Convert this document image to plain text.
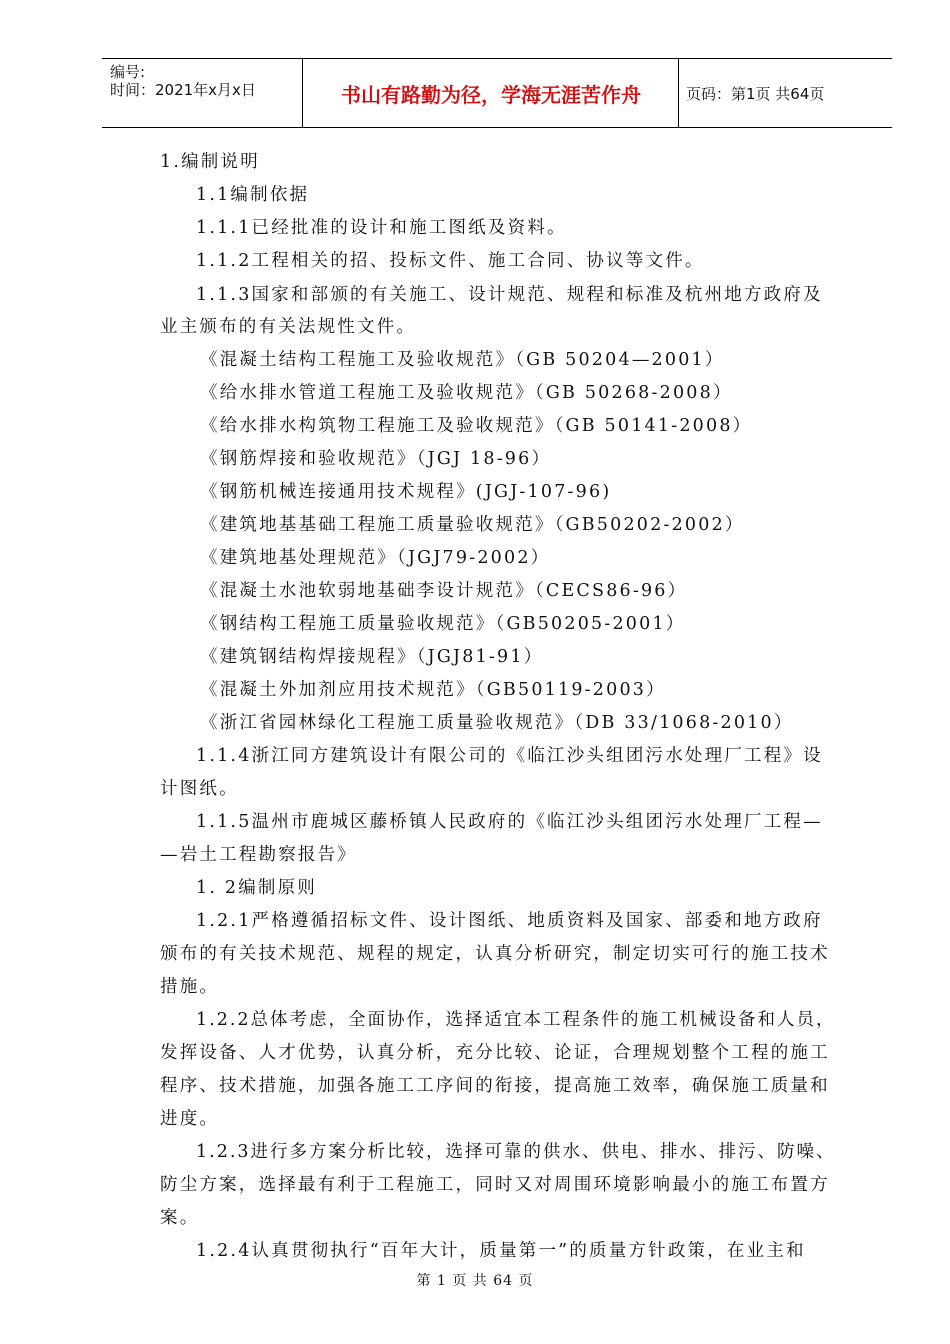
编号:
时间：2021年x月x日	书山有路勤为径，学海无涯苦作舟	页码：第1页 共64页
1.编制说明
1.1编制依据
1.1.1已经批准的设计和施工图纸及资料。
1.1.2工程相关的招、投标文件、施工合同、协议等文件。
1.1.3国家和部颁的有关施工、设计规范、规程和标准及杭州地方政府及
业主颁布的有关法规性文件。
《混凝土结构工程施工及验收规范》（GB 50204—2001）
《给水排水管道工程施工及验收规范》（GB 50268-2008）
《给水排水构筑物工程施工及验收规范》（GB 50141-2008）
《钢筋焊接和验收规范》（JGJ 18-96）
《钢筋机械连接通用技术规程》(JGJ-107-96)
《建筑地基基础工程施工质量验收规范》（GB50202-2002）
《建筑地基处理规范》（JGJ79-2002）
《混凝土水池软弱地基础李设计规范》（CECS86-96）
《钢结构工程施工质量验收规范》（GB50205-2001）
《建筑钢结构焊接规程》（JGJ81-91）
《混凝土外加剂应用技术规范》（GB50119-2003）
《浙江省园林绿化工程施工质量验收规范》（DB 33/1068-2010）
1.1.4浙江同方建筑设计有限公司的《临江沙头组团污水处理厂工程》设
计图纸。
1.1.5温州市鹿城区藤桥镇人民政府的《临江沙头组团污水处理厂工程—
—岩土工程勘察报告》
1. 2编制原则
1.2.1严格遵循招标文件、设计图纸、地质资料及国家、部委和地方政府
颁布的有关技术规范、规程的规定，认真分析研究，制定切实可行的施工技术
措施。
1.2.2总体考虑，全面协作，选择适宜本工程条件的施工机械设备和人员，
发挥设备、人才优势，认真分析，充分比较、论证，合理规划整个工程的施工
程序、技术措施，加强各施工工序间的衔接，提高施工效率，确保施工质量和
进度。
1.2.3进行多方案分析比较，选择可靠的供水、供电、排水、排污、防噪、
防尘方案，选择最有利于工程施工，同时又对周围环境影响最小的施工布置方
案。
1.2.4认真贯彻执行“百年大计，质量第一”的质量方针政策，在业主和
第 1 页 共 64 页
